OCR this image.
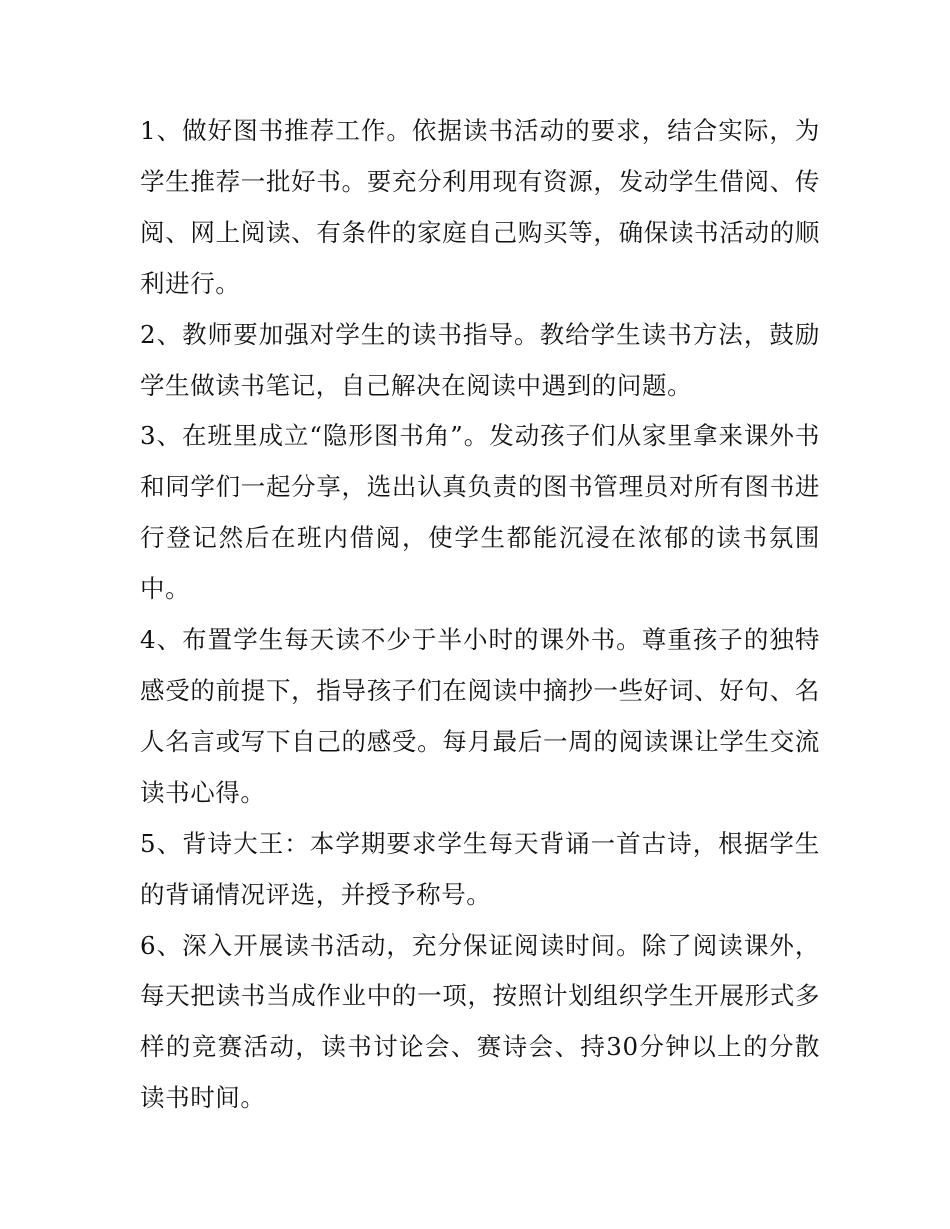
1、做好图书推荐工作。依据读书活动的要求，结合实际，为学生推荐一批好书。要充分利用现有资源，发动学生借阅、传阅、网上阅读、有条件的家庭自己购买等，确保读书活动的顺利进行。

2、教师要加强对学生的读书指导。教给学生读书方法，鼓励学生做读书笔记，自己解决在阅读中遇到的问题。

3、在班里成立“隐形图书角”。发动孩子们从家里拿来课外书和同学们一起分享，选出认真负责的图书管理员对所有图书进行登记然后在班内借阅，使学生都能沉浸在浓郁的读书氛围中。

4、布置学生每天读不少于半小时的课外书。尊重孩子的独特感受的前提下，指导孩子们在阅读中摘抄一些好词、好句、名人名言或写下自己的感受。每月最后一周的阅读课让学生交流读书心得。

5、背诗大王：本学期要求学生每天背诵一首古诗，根据学生的背诵情况评选，并授予称号。

6、深入开展读书活动，充分保证阅读时间。除了阅读课外，每天把读书当成作业中的一项，按照计划组织学生开展形式多样的竞赛活动，读书讨论会、赛诗会、持30分钟以上的分散读书时间。
